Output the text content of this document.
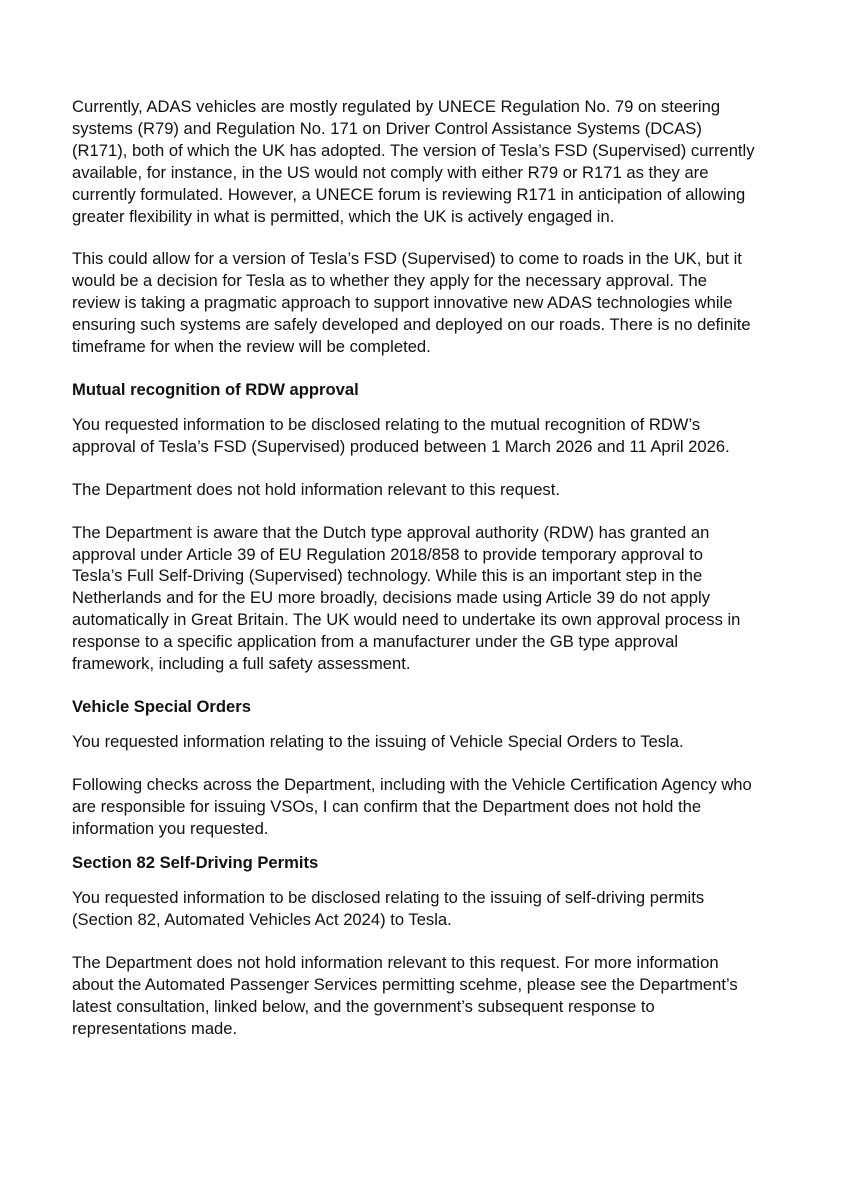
Currently, ADAS vehicles are mostly regulated by UNECE Regulation No. 79 on steering
systems (R79) and Regulation No. 171 on Driver Control Assistance Systems (DCAS)
(R171), both of which the UK has adopted. The version of Tesla’s FSD (Supervised) currently
available, for instance, in the US would not comply with either R79 or R171 as they are
currently formulated. However, a UNECE forum is reviewing R171 in anticipation of allowing
greater flexibility in what is permitted, which the UK is actively engaged in.

This could allow for a version of Tesla’s FSD (Supervised) to come to roads in the UK, but it
would be a decision for Tesla as to whether they apply for the necessary approval. The
review is taking a pragmatic approach to support innovative new ADAS technologies while
ensuring such systems are safely developed and deployed on our roads. There is no definite
timeframe for when the review will be completed.

Mutual recognition of RDW approval

You requested information to be disclosed relating to the mutual recognition of RDW’s
approval of Tesla’s FSD (Supervised) produced between 1 March 2026 and 11 April 2026.

The Department does not hold information relevant to this request.

The Department is aware that the Dutch type approval authority (RDW) has granted an
approval under Article 39 of EU Regulation 2018/858 to provide temporary approval to
Tesla’s Full Self-Driving (Supervised) technology. While this is an important step in the
Netherlands and for the EU more broadly, decisions made using Article 39 do not apply
automatically in Great Britain. The UK would need to undertake its own approval process in
response to a specific application from a manufacturer under the GB type approval
framework, including a full safety assessment.

Vehicle Special Orders

You requested information relating to the issuing of Vehicle Special Orders to Tesla.

Following checks across the Department, including with the Vehicle Certification Agency who
are responsible for issuing VSOs, I can confirm that the Department does not hold the
information you requested.

Section 82 Self-Driving Permits

You requested information to be disclosed relating to the issuing of self-driving permits
(Section 82, Automated Vehicles Act 2024) to Tesla.

The Department does not hold information relevant to this request. For more information
about the Automated Passenger Services permitting scehme, please see the Department’s
latest consultation, linked below, and the government’s subsequent response to
representations made.
